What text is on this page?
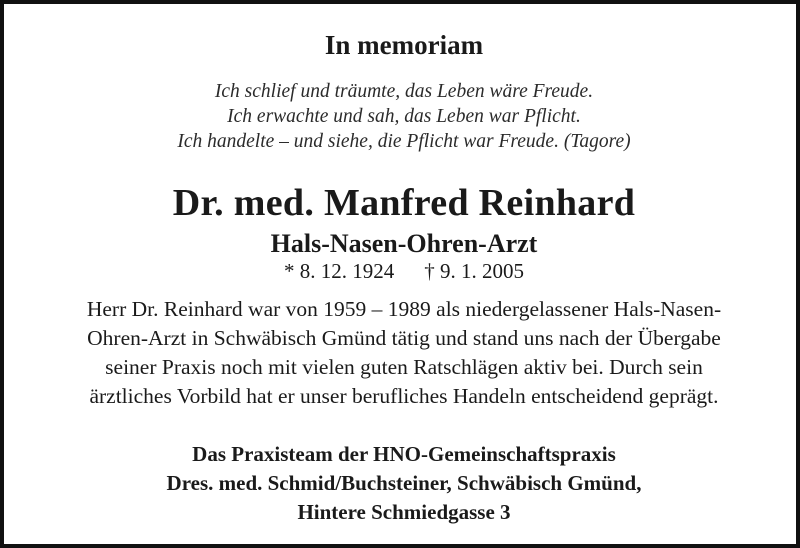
In memoriam
Ich schlief und träumte, das Leben wäre Freude.
Ich erwachte und sah, das Leben war Pflicht.
Ich handelte – und siehe, die Pflicht war Freude. (Tagore)
Dr. med. Manfred Reinhard
Hals-Nasen-Ohren-Arzt
* 8. 12. 1924 † 9. 1. 2005
Herr Dr. Reinhard war von 1959 – 1989 als niedergelassener Hals-Nasen-
Ohren-Arzt in Schwäbisch Gmünd tätig und stand uns nach der Übergabe
seiner Praxis noch mit vielen guten Ratschlägen aktiv bei. Durch sein
ärztliches Vorbild hat er unser berufliches Handeln entscheidend geprägt.
Das Praxisteam der HNO-Gemeinschaftspraxis
Dres. med. Schmid/Buchsteiner, Schwäbisch Gmünd,
Hintere Schmiedgasse 3
